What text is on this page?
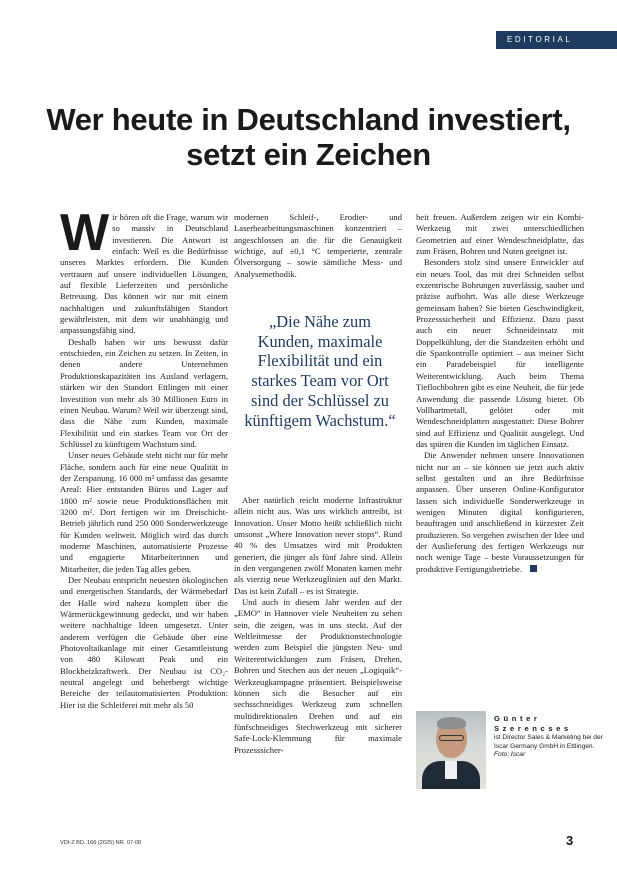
EDITORIAL
Wer heute in Deutschland investiert, setzt ein Zeichen

Wir hören oft die Frage, warum wir so massiv in Deutschland investieren. Die Antwort ist einfach: Weil es die Bedürfnisse unseres Marktes erfordern. Die Kunden vertrauen auf unsere individuellen Lösungen, auf flexible Lieferzeiten und persönliche Betreuung. Das können wir nur mit einem nachhaltigen und zukunftsfähigen Standort gewährleisten, mit dem wir unabhängig und anpassungsfähig sind.

Deshalb haben wir uns bewusst dafür entschieden, ein Zeichen zu setzen. In Zeiten, in denen andere Unternehmen Produktionskapazitäten ins Ausland verlagern, stärken wir den Standort Ettlingen mit einer Investition von mehr als 30 Millionen Euro in einen Neubau. Warum? Weil wir überzeugt sind, dass die Nähe zum Kunden, maximale Flexibilität und ein starkes Team vor Ort der Schlüssel zu künftigem Wachstum sind.

Unser neues Gebäude steht nicht nur für mehr Fläche, sondern auch für eine neue Qualität in der Zerspanung. 16 000 m² umfasst das gesamte Areal: Hier entstanden Büros und Lager auf 1800 m² sowie neue Produktionsflächen mit 3200 m². Dort fertigen wir im Dreischicht-Betrieb jährlich rund 250 000 Sonderwerkzeuge für Kunden weltweit. Möglich wird das durch moderne Maschinen, automatisierte Prozesse und engagierte Mitarbeiterinnen und Mitarbeiter, die jeden Tag alles geben.

Der Neubau entspricht neuesten ökologischen und energetischen Standards, der Wärmebedarf der Halle wird nahezu komplett über die Wärmerückgewinnung gedeckt, und wir haben weitere nachhaltige Ideen umgesetzt. Unter anderem verfügen die Gebäude über eine Photovoltaikanlage mit einer Gesamtleistung von 480 Kilowatt Peak und ein Blockheizkraftwerk. Der Neubau ist CO₂-neutral angelegt und beherbergt wichtige Bereiche der teilautomatisierten Produktion: Hier ist die Schleiferei mit mehr als 50

modernen Schleif-, Erodier- und Laserbearbeitungsmaschinen konzentriert – angeschlossen an die für die Genauigkeit wichtige, auf ±0,1 °C temperierte, zentrale Ölversorgung – sowie sämtliche Mess- und Analysemethodik.

„Die Nähe zum Kunden, maximale Flexibilität und ein starkes Team vor Ort sind der Schlüssel zu künftigem Wachstum.“

Aber natürlich reicht moderne Infrastruktur allein nicht aus. Was uns wirklich antreibt, ist Innovation. Unser Motto heißt schließlich nicht umsonst „Where Innovation never stops“. Rund 40 % des Umsatzes wird mit Produkten generiert, die jünger als fünf Jahre sind. Allein in den vergangenen zwölf Monaten kamen mehr als vierzig neue Werkzeuglinien auf den Markt. Das ist kein Zufall – es ist Strategie.

Und auch in diesem Jahr werden auf der „EMO“ in Hannover viele Neuheiten zu sehen sein, die zeigen, was in uns steckt. Auf der Weltleitmesse der Produktionstechnologie werden zum Beispiel die jüngsten Neu- und Weiterentwicklungen zum Fräsen, Drehen, Bohren und Stechen aus der neuen „Logiquik“-Werkzeugkampagne präsentiert. Beispielsweise können sich die Besucher auf ein sechsschneidiges Werkzeug zum schnellen multidirektionalen Drehen und auf ein fünfschneidiges Stechwerkzeug mit sicherer Safe-Lock-Klemmung für maximale Prozesssicher-

heit freuen. Außerdem zeigen wir ein Kombi-Werkzeug mit zwei unterschiedlichen Geometrien auf einer Wendeschneidplatte, das zum Fräsen, Bohren und Nuten geeignet ist.

Besonders stolz sind unsere Entwickler auf ein neues Tool, das mit drei Schneiden selbst exzentrische Bohrungen zuverlässig, sauber und präzise aufbohrt. Was alle diese Werkzeuge gemeinsam haben? Sie bieten Geschwindigkeit, Prozesssicherheit und Effizienz. Dazu passt auch ein neuer Schneideinsatz mit Doppelkühlung, der die Standzeiten erhöht und die Spankontrolle optimiert – aus meiner Sicht ein Paradebeispiel für intelligente Weiterentwicklung. Auch beim Thema Tieflochbohren gibt es eine Neuheit, die für jede Anwendung die passende Lösung bietet. Ob Vollhartmetall, gelötet oder mit Wendeschneidplatten ausgestattet: Diese Bohrer sind auf Effizienz und Qualität ausgelegt. Und das spüren die Kunden im täglichen Einsatz.

Die Anwender nehmen unsere Innovationen nicht nur an – sie können sie jetzt auch aktiv selbst gestalten und an ihre Bedürfnisse anpassen. Über unseren Online-Konfigurator lassen sich individuelle Sonderwerkzeuge in wenigen Minuten digital konfigurieren, beauftragen und anschließend in kürzester Zeit produzieren. So vergehen zwischen der Idee und der Auslieferung des fertigen Werkzeugs nur noch wenige Tage – beste Voraussetzungen für produktive Fertigungsbetriebe.

Günter
Szerencses
ist Director Sales & Marketing bei der Iscar Germany GmbH in Ettlingen.
Foto: Iscar
VDI-Z BD. 166 (2025) NR. 07-08	3
